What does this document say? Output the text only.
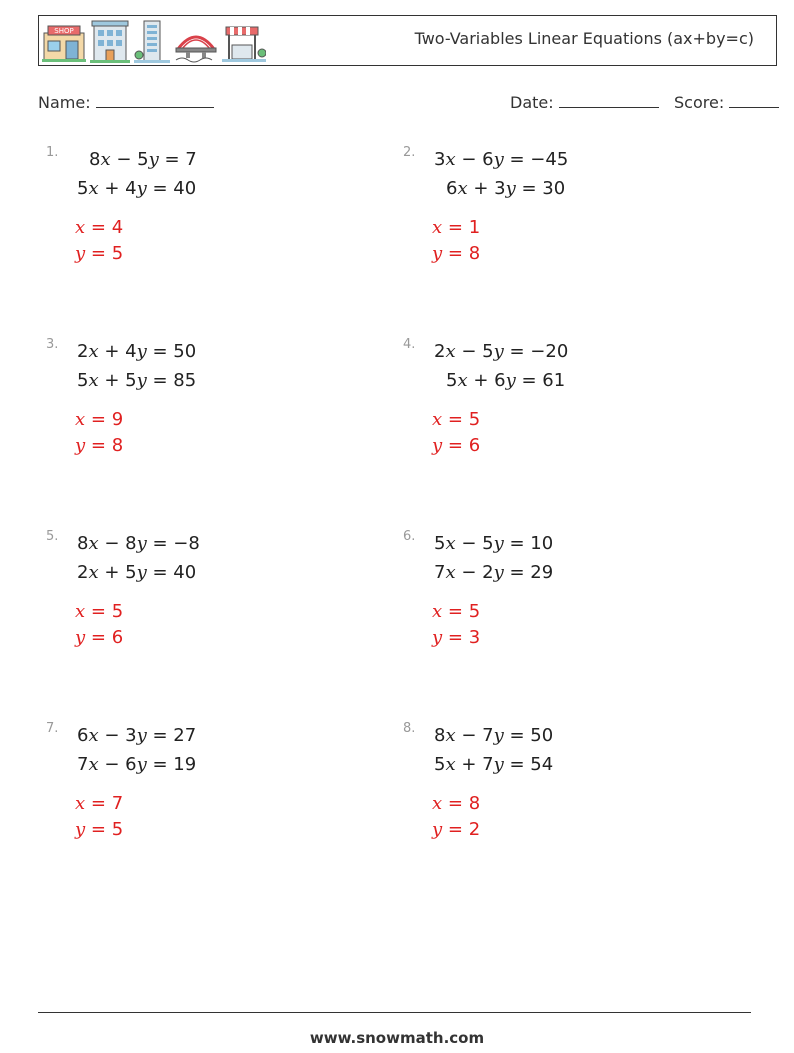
SHOP	Two-Variables Linear Equations (ax+by=c)
Name:	Date:	Score:
1. 8x − 5y = 7
5x + 4y = 40
x = 4
y = 5
2. 3x − 6y = −45
6x + 3y = 30
x = 1
y = 8
3. 2x + 4y = 50
5x + 5y = 85
x = 9
y = 8
4. 2x − 5y = −20
5x + 6y = 61
x = 5
y = 6
5. 8x − 8y = −8
2x + 5y = 40
x = 5
y = 6
6. 5x − 5y = 10
7x − 2y = 29
x = 5
y = 3
7. 6x − 3y = 27
7x − 6y = 19
x = 7
y = 5
8. 8x − 7y = 50
5x + 7y = 54
x = 8
y = 2
www.snowmath.com
